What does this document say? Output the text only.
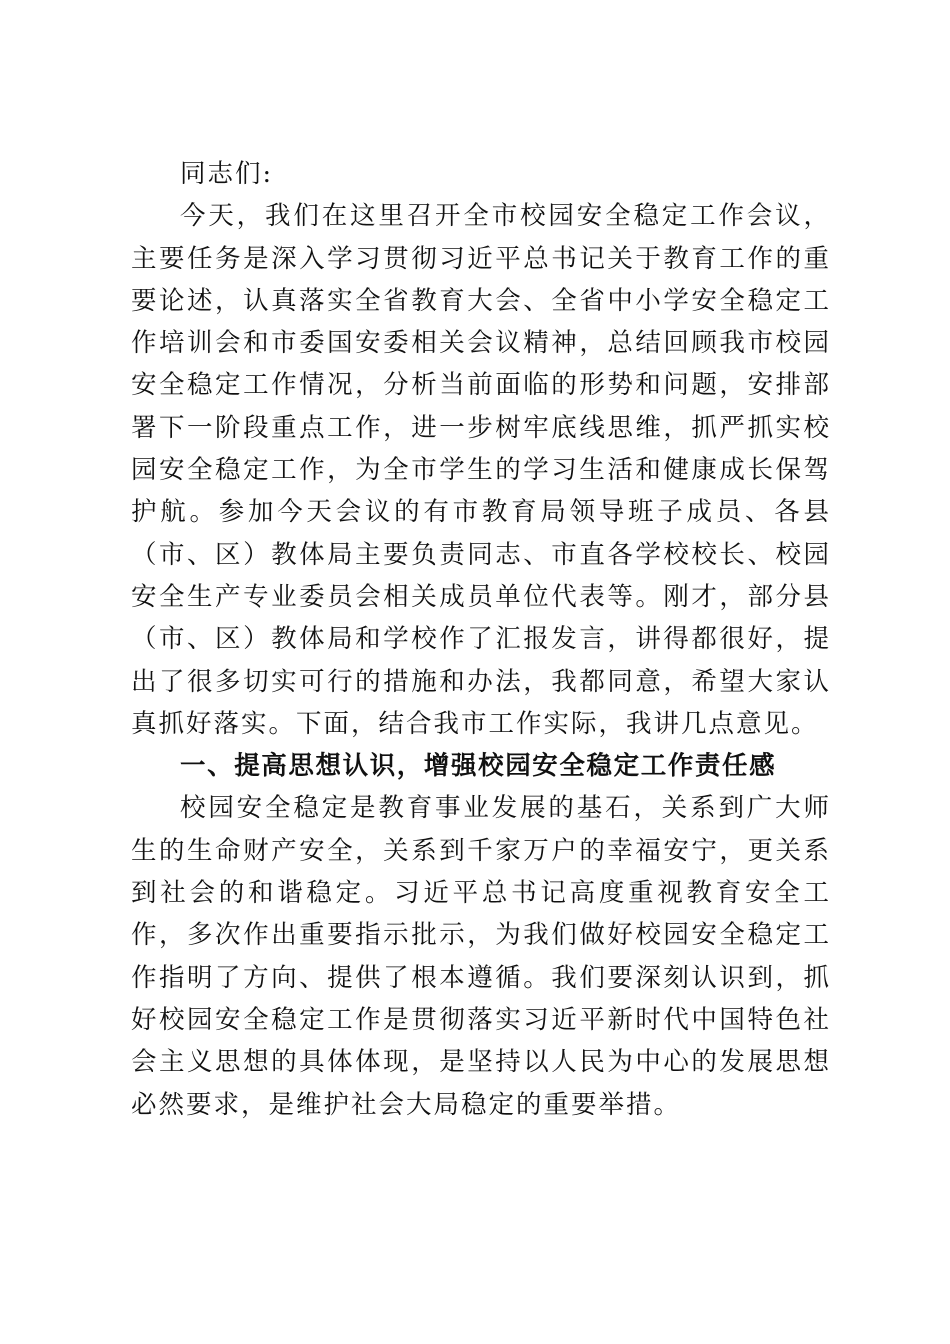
同志们:

今天，我们在这里召开全市校园安全稳定工作会议，主要任务是深入学习贯彻习近平总书记关于教育工作的重要论述，认真落实全省教育大会、全省中小学安全稳定工作培训会和市委国安委相关会议精神，总结回顾我市校园安全稳定工作情况，分析当前面临的形势和问题，安排部署下一阶段重点工作，进一步树牢底线思维，抓严抓实校园安全稳定工作，为全市学生的学习生活和健康成长保驾护航。参加今天会议的有市教育局领导班子成员、各县（市、区）教体局主要负责同志、市直各学校校长、校园安全生产专业委员会相关成员单位代表等。刚才，部分县（市、区）教体局和学校作了汇报发言，讲得都很好，提出了很多切实可行的措施和办法，我都同意，希望大家认真抓好落实。下面，结合我市工作实际，我讲几点意见。

一、提高思想认识，增强校园安全稳定工作责任感

校园安全稳定是教育事业发展的基石，关系到广大师生的生命财产安全，关系到千家万户的幸福安宁，更关系到社会的和谐稳定。习近平总书记高度重视教育安全工作，多次作出重要指示批示，为我们做好校园安全稳定工作指明了方向、提供了根本遵循。我们要深刻认识到，抓好校园安全稳定工作是贯彻落实习近平新时代中国特色社会主义思想的具体体现，是坚持以人民为中心的发展思想必然要求，是维护社会大局稳定的重要举措。
